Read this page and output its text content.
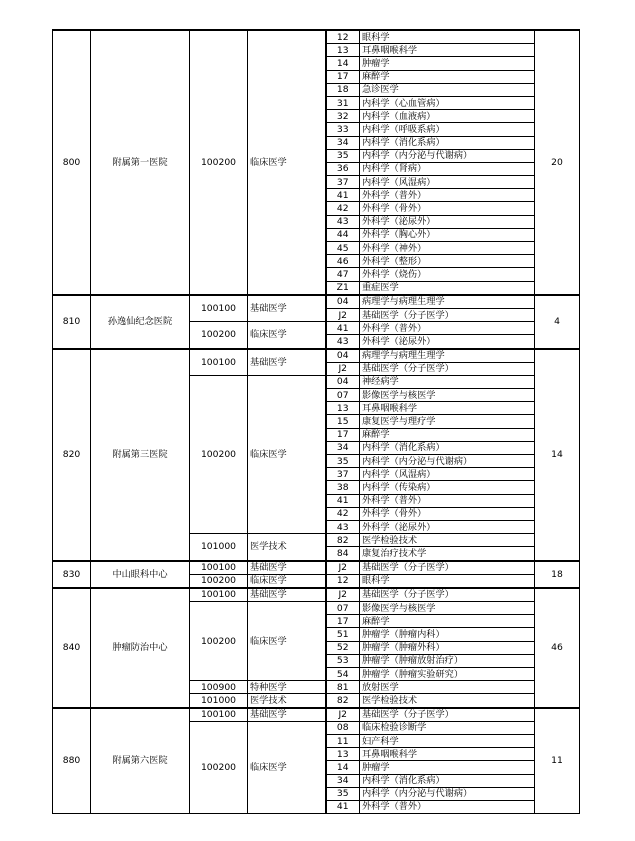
800	附属第一医院	100200	临床医学	12	眼科学	20
				13	耳鼻咽喉科学	
				14	肿瘤学	
				17	麻醉学	
				18	急诊医学	
				31	内科学（心血管病）	
				32	内科学（血液病）	
				33	内科学（呼吸系病）	
				34	内科学（消化系病）	
				35	内科学（内分泌与代谢病）	
				36	内科学（肾病）	
				37	内科学（风湿病）	
				41	外科学（普外）	
				42	外科学（骨外）	
				43	外科学（泌尿外）	
				44	外科学（胸心外）	
				45	外科学（神外）	
				46	外科学（整形）	
				47	外科学（烧伤）	
				Z1	重症医学	
810	孙逸仙纪念医院	100100	基础医学	04	病理学与病理生理学	4
				J2	基础医学（分子医学）	
		100200	临床医学	41	外科学（普外）	
				43	外科学（泌尿外）	
820	附属第三医院	100100	基础医学	04	病理学与病理生理学	14
				J2	基础医学（分子医学）	
		100200	临床医学	04	神经病学	
				07	影像医学与核医学	
				13	耳鼻咽喉科学	
				15	康复医学与理疗学	
				17	麻醉学	
				34	内科学（消化系病）	
				35	内科学（内分泌与代谢病）	
				37	内科学（风湿病）	
				38	内科学（传染病）	
				41	外科学（普外）	
				42	外科学（骨外）	
				43	外科学（泌尿外）	
		101000	医学技术	82	医学检验技术	
				84	康复治疗技术学	
830	中山眼科中心	100100	基础医学	J2	基础医学（分子医学）	18
		100200	临床医学	12	眼科学	
840	肿瘤防治中心	100100	基础医学	J2	基础医学（分子医学）	46
		100200	临床医学	07	影像医学与核医学	
				17	麻醉学	
				51	肿瘤学（肿瘤内科）	
				52	肿瘤学（肿瘤外科）	
				53	肿瘤学（肿瘤放射治疗）	
				54	肿瘤学（肿瘤实验研究）	
		100900	特种医学	81	放射医学	
		101000	医学技术	82	医学检验技术	
880	附属第六医院	100100	基础医学	J2	基础医学（分子医学）	11
		100200	临床医学	08	临床检验诊断学	
				11	妇产科学	
				13	耳鼻咽喉科学	
				14	肿瘤学	
				34	内科学（消化系病）	
				35	内科学（内分泌与代谢病）	
				41	外科学（普外）	
